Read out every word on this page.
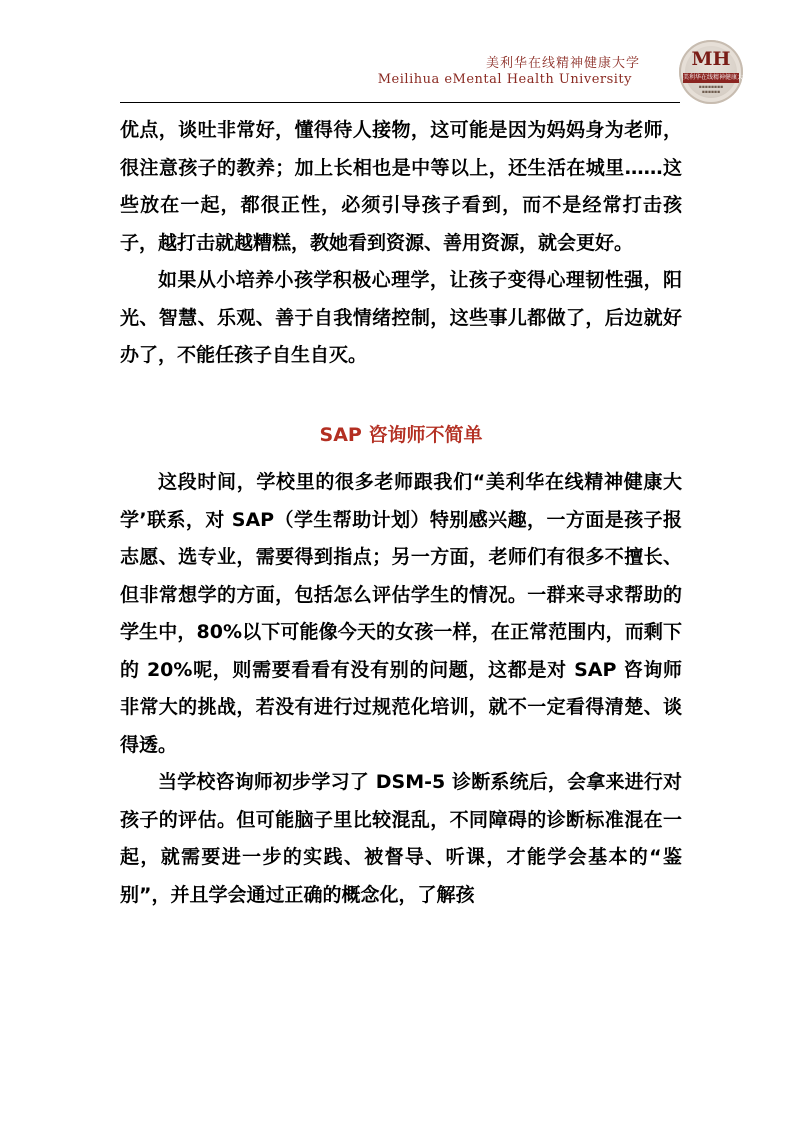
美利华在线精神健康大学
Meilihua eMental Health University
MH
美利华在线精神健康大学
▪▪▪▪▪▪▪▪
▪▪▪▪▪▪

优点，谈吐非常好，懂得待人接物，这可能是因为妈妈身为老师，很注意孩子的教养；加上长相也是中等以上，还生活在城里……这些放在一起，都很正性，必须引导孩子看到，而不是经常打击孩子，越打击就越糟糕，教她看到资源、善用资源，就会更好。

如果从小培养小孩学积极心理学，让孩子变得心理韧性强，阳光、智慧、乐观、善于自我情绪控制，这些事儿都做了，后边就好办了，不能任孩子自生自灭。

SAP 咨询师不简单

这段时间，学校里的很多老师跟我们“美利华在线精神健康大学’联系，对 SAP（学生帮助计划）特别感兴趣，一方面是孩子报志愿、选专业，需要得到指点；另一方面，老师们有很多不擅长、但非常想学的方面，包括怎么评估学生的情况。一群来寻求帮助的学生中，80%以下可能像今天的女孩一样，在正常范围内，而剩下的 20%呢，则需要看看有没有别的问题，这都是对 SAP 咨询师非常大的挑战，若没有进行过规范化培训，就不一定看得清楚、谈得透。

当学校咨询师初步学习了 DSM-5 诊断系统后，会拿来进行对孩子的评估。但可能脑子里比较混乱，不同障碍的诊断标准混在一起，就需要进一步的实践、被督导、听课，才能学会基本的“鉴别”，并且学会通过正确的概念化，了解孩
